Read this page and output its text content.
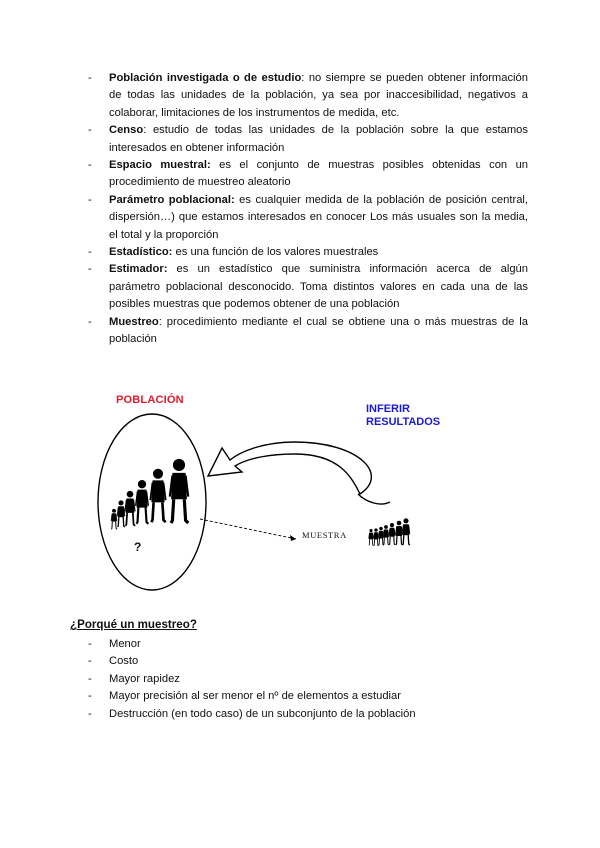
- Población investigada o de estudio: no siempre se pueden obtener información de todas las unidades de la población, ya sea por inaccesibilidad, negativos a colaborar, limitaciones de los instrumentos de medida, etc.
- Censo: estudio de todas las unidades de la población sobre la que estamos interesados en obtener información
- Espacio muestral: es el conjunto de muestras posibles obtenidas con un procedimiento de muestreo aleatorio
- Parámetro poblacional: es cualquier medida de la población de posición central, dispersión…) que estamos interesados en conocer Los más usuales son la media, el total y la proporción
- Estadístico: es una función de los valores muestrales
- Estimador: es un estadístico que suministra información acerca de algún parámetro poblacional desconocido. Toma distintos valores en cada una de las posibles muestras que podemos obtener de una población
- Muestreo: procedimiento mediante el cual se obtiene una o más muestras de la población
POBLACIÓN
INFERIR
RESULTADOS
?
MUESTRA
¿Porqué un muestreo?
- Menor
- Costo
- Mayor rapidez
- Mayor precisión al ser menor el nº de elementos a estudiar
- Destrucción (en todo caso) de un subconjunto de la población
